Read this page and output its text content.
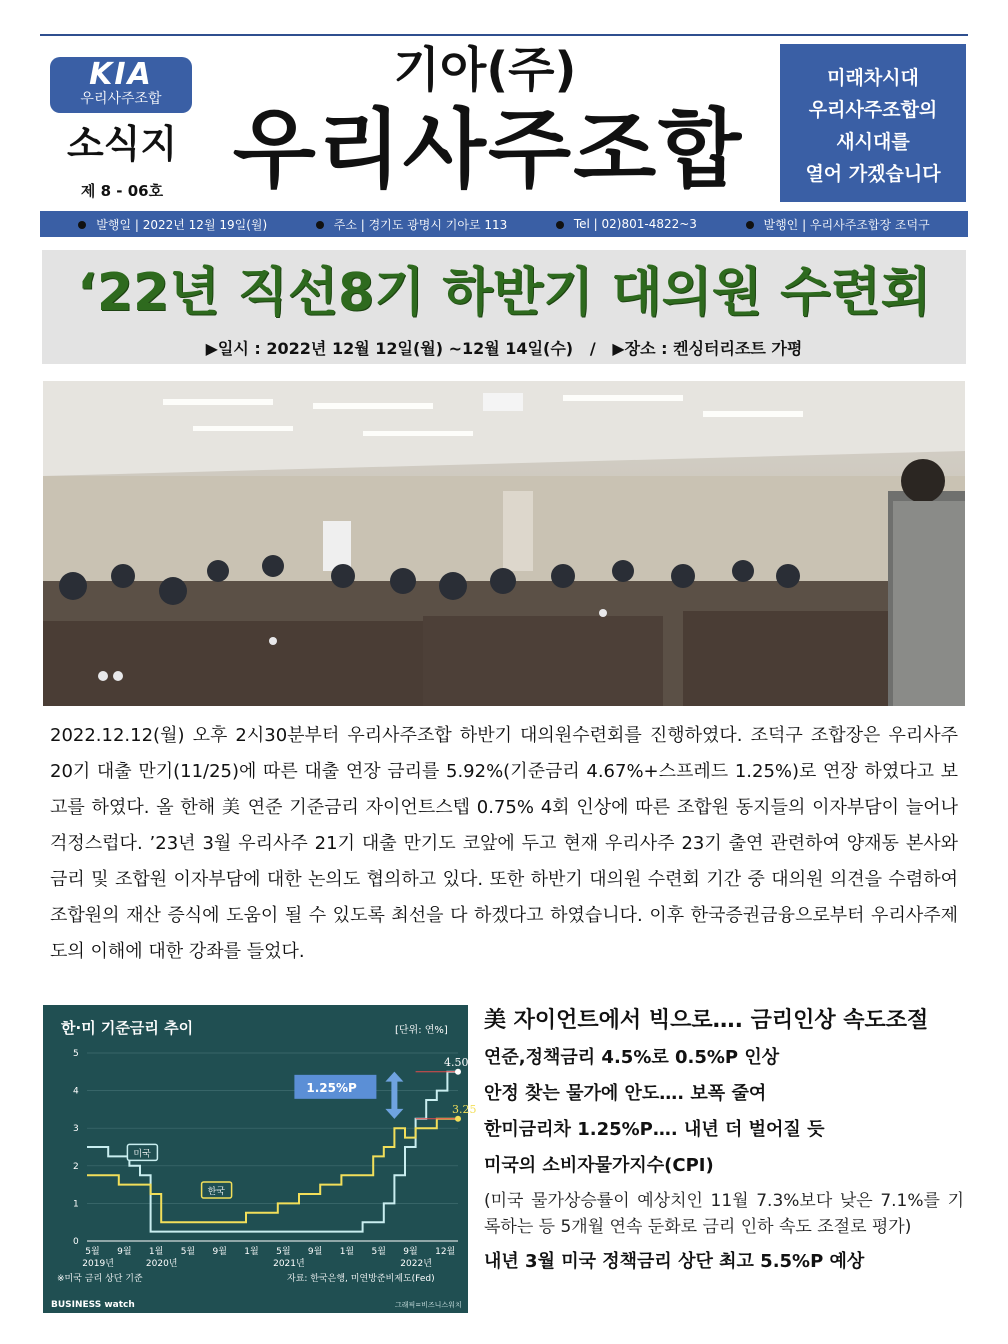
KIA
우리사주조합
소식지
제 8 - 06호
기아(주)
우리사주조합
미래차시대
우리사주조합의
새시대를
열어 가겠습니다
발행일 | 2022년 12월 19일(월)	주소 | 경기도 광명시 기아로 113	Tel | 02)801-4822~3	발행인 | 우리사주조합장 조덕구
‘22년 직선8기 하반기 대의원 수련회
▶일시 : 2022년 12월 12일(월) ~12월 14일(수)   /   ▶장소 : 켄싱터리조트 가평
2022.12.12(월) 오후 2시30분부터 우리사주조합 하반기 대의원수련회를 진행하였다. 조덕구 조합장은 우리사주 20기 대출 만기(11/25)에 따른 대출 연장 금리를 5.92%(기준금리 4.67%+스프레드 1.25%)로 연장 하였다고 보고를 하였다. 올 한해 美 연준 기준금리 자이언트스텝 0.75% 4회 인상에 따른 조합원 동지들의 이자부담이 늘어나 걱정스럽다. ’23년 3월 우리사주 21기 대출 만기도 코앞에 두고 현재 우리사주 23기 출연 관련하여 양재동 본사와 금리 및 조합원 이자부담에 대한 논의도 협의하고 있다. 또한 하반기 대의원 수련회 기간 중 대의원 의견을 수렴하여 조합원의 재산 증식에 도움이 될 수 있도록 최선을 다 하겠다고 하였습니다. 이후 한국증권금융으로부터 우리사주제도의 이해에 대한 강좌를 들었다.
한·미 기준금리 추이	[단위: 연%]
0
1
2
3
4
5
5월 9월 1월 5월 9월 1월 5월 9월 1월 5월 9월 12월
2019년	2020년	2021년	2022년
미국
한국
4.50
3.25
1.25%P
※미국 금리 상단 기준	자료: 한국은행, 미연방준비제도(Fed)
BUSINESS watch	그래픽=비즈니스워치
美 자이언트에서 빅으로…. 금리인상 속도조절
연준,정책금리 4.5%로 0.5%P 인상
안정 찾는 물가에 안도…. 보폭 줄여
한미금리차 1.25%P…. 내년 더 벌어질 듯
미국의 소비자물가지수(CPI)
(미국 물가상승률이 예상치인 11월 7.3%보다 낮은 7.1%를 기록하는 등 5개월 연속 둔화로 금리 인하 속도 조절로 평가)
내년 3월 미국 정책금리 상단 최고 5.5%P 예상
